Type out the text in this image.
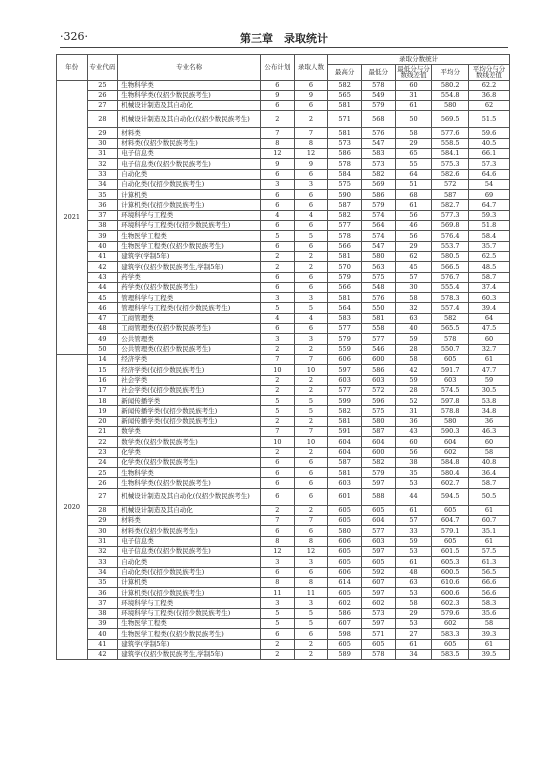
·326·	第三章　录取统计
年份	专业代码	专业名称	公布计划	录取人数	录取分数统计				
					最高分	最低分	最低分与分数线差值	平均分	平均分与分数线差值
2021	25	生物科学类	6	6	582	578	60	580.2	62.2
	26	生物科学类(仅招少数民族考生)	9	9	565	549	31	554.8	36.8
	27	机械设计制造及其自动化	6	6	581	579	61	580	62
	28	机械设计制造及其自动化(仅招少数民族考生)	2	2	571	568	50	569.5	51.5
	29	材料类	7	7	581	576	58	577.6	59.6
	30	材料类(仅招少数民族考生)	8	8	573	547	29	558.5	40.5
	31	电子信息类	12	12	586	583	65	584.1	66.1
	32	电子信息类(仅招少数民族考生)	9	9	578	573	55	575.3	57.3
	33	自动化类	6	6	584	582	64	582.6	64.6
	34	自动化类(仅招少数民族考生)	3	3	575	569	51	572	54
	35	计算机类	6	6	590	586	68	587	69
	36	计算机类(仅招少数民族考生)	6	6	587	579	61	582.7	64.7
	37	环境科学与工程类	4	4	582	574	56	577.3	59.3
	38	环境科学与工程类(仅招少数民族考生)	6	6	577	564	46	569.8	51.8
	39	生物医学工程类	5	5	578	574	56	576.4	58.4
	40	生物医学工程类(仅招少数民族考生)	6	6	566	547	29	553.7	35.7
	41	建筑学(学制5年)	2	2	581	580	62	580.5	62.5
	42	建筑学(仅招少数民族考生,学制5年)	2	2	570	563	45	566.5	48.5
	43	药学类	6	6	579	575	57	576.7	58.7
	44	药学类(仅招少数民族考生)	6	6	566	548	30	555.4	37.4
	45	管理科学与工程类	3	3	581	576	58	578.3	60.3
	46	管理科学与工程类(仅招少数民族考生)	5	5	564	550	32	557.4	39.4
	47	工商管理类	4	4	583	581	63	582	64
	48	工商管理类(仅招少数民族考生)	6	6	577	558	40	565.5	47.5
	49	公共管理类	3	3	579	577	59	578	60
	50	公共管理类(仅招少数民族考生)	2	2	559	546	28	550.7	32.7
2020	14	经济学类	7	7	606	600	58	605	61
	15	经济学类(仅招少数民族考生)	10	10	597	586	42	591.7	47.7
	16	社会学类	2	2	603	603	59	603	59
	17	社会学类(仅招少数民族考生)	2	2	577	572	28	574.5	30.5
	18	新闻传播学类	5	5	599	596	52	597.8	53.8
	19	新闻传播学类(仅招少数民族考生)	5	5	582	575	31	578.8	34.8
	20	新闻传播学类(仅招少数民族考生)	2	2	581	580	36	580	36
	21	数学类	7	7	591	587	43	590.3	46.3
	22	数学类(仅招少数民族考生)	10	10	604	604	60	604	60
	23	化学类	2	2	604	600	56	602	58
	24	化学类(仅招少数民族考生)	6	6	587	582	38	584.8	40.8
	25	生物科学类	6	6	581	579	35	580.4	36.4
	26	生物科学类(仅招少数民族考生)	6	6	603	597	53	602.7	58.7
	27	机械设计制造及其自动化(仅招少数民族考生)	6	6	601	588	44	594.5	50.5
	28	机械设计制造及其自动化	2	2	605	605	61	605	61
	29	材料类	7	7	605	604	57	604.7	60.7
	30	材料类(仅招少数民族考生)	6	6	580	577	33	579.1	35.1
	31	电子信息类	8	8	606	603	59	605	61
	32	电子信息类(仅招少数民族考生)	12	12	605	597	53	601.5	57.5
	33	自动化类	3	3	605	605	61	605.3	61.3
	34	自动化类(仅招少数民族考生)	6	6	606	592	48	600.5	56.5
	35	计算机类	8	8	614	607	63	610.6	66.6
	36	计算机类(仅招少数民族考生)	11	11	605	597	53	600.6	56.6
	37	环境科学与工程类	3	3	602	602	58	602.3	58.3
	38	环境科学与工程类(仅招少数民族考生)	5	5	586	573	29	579.6	35.6
	39	生物医学工程类	5	5	607	597	53	602	58
	40	生物医学工程类(仅招少数民族考生)	6	6	598	571	27	583.3	39.3
	41	建筑学(学制5年)	2	2	605	605	61	605	61
	42	建筑学(仅招少数民族考生,学制5年)	2	2	589	578	34	583.5	39.5
